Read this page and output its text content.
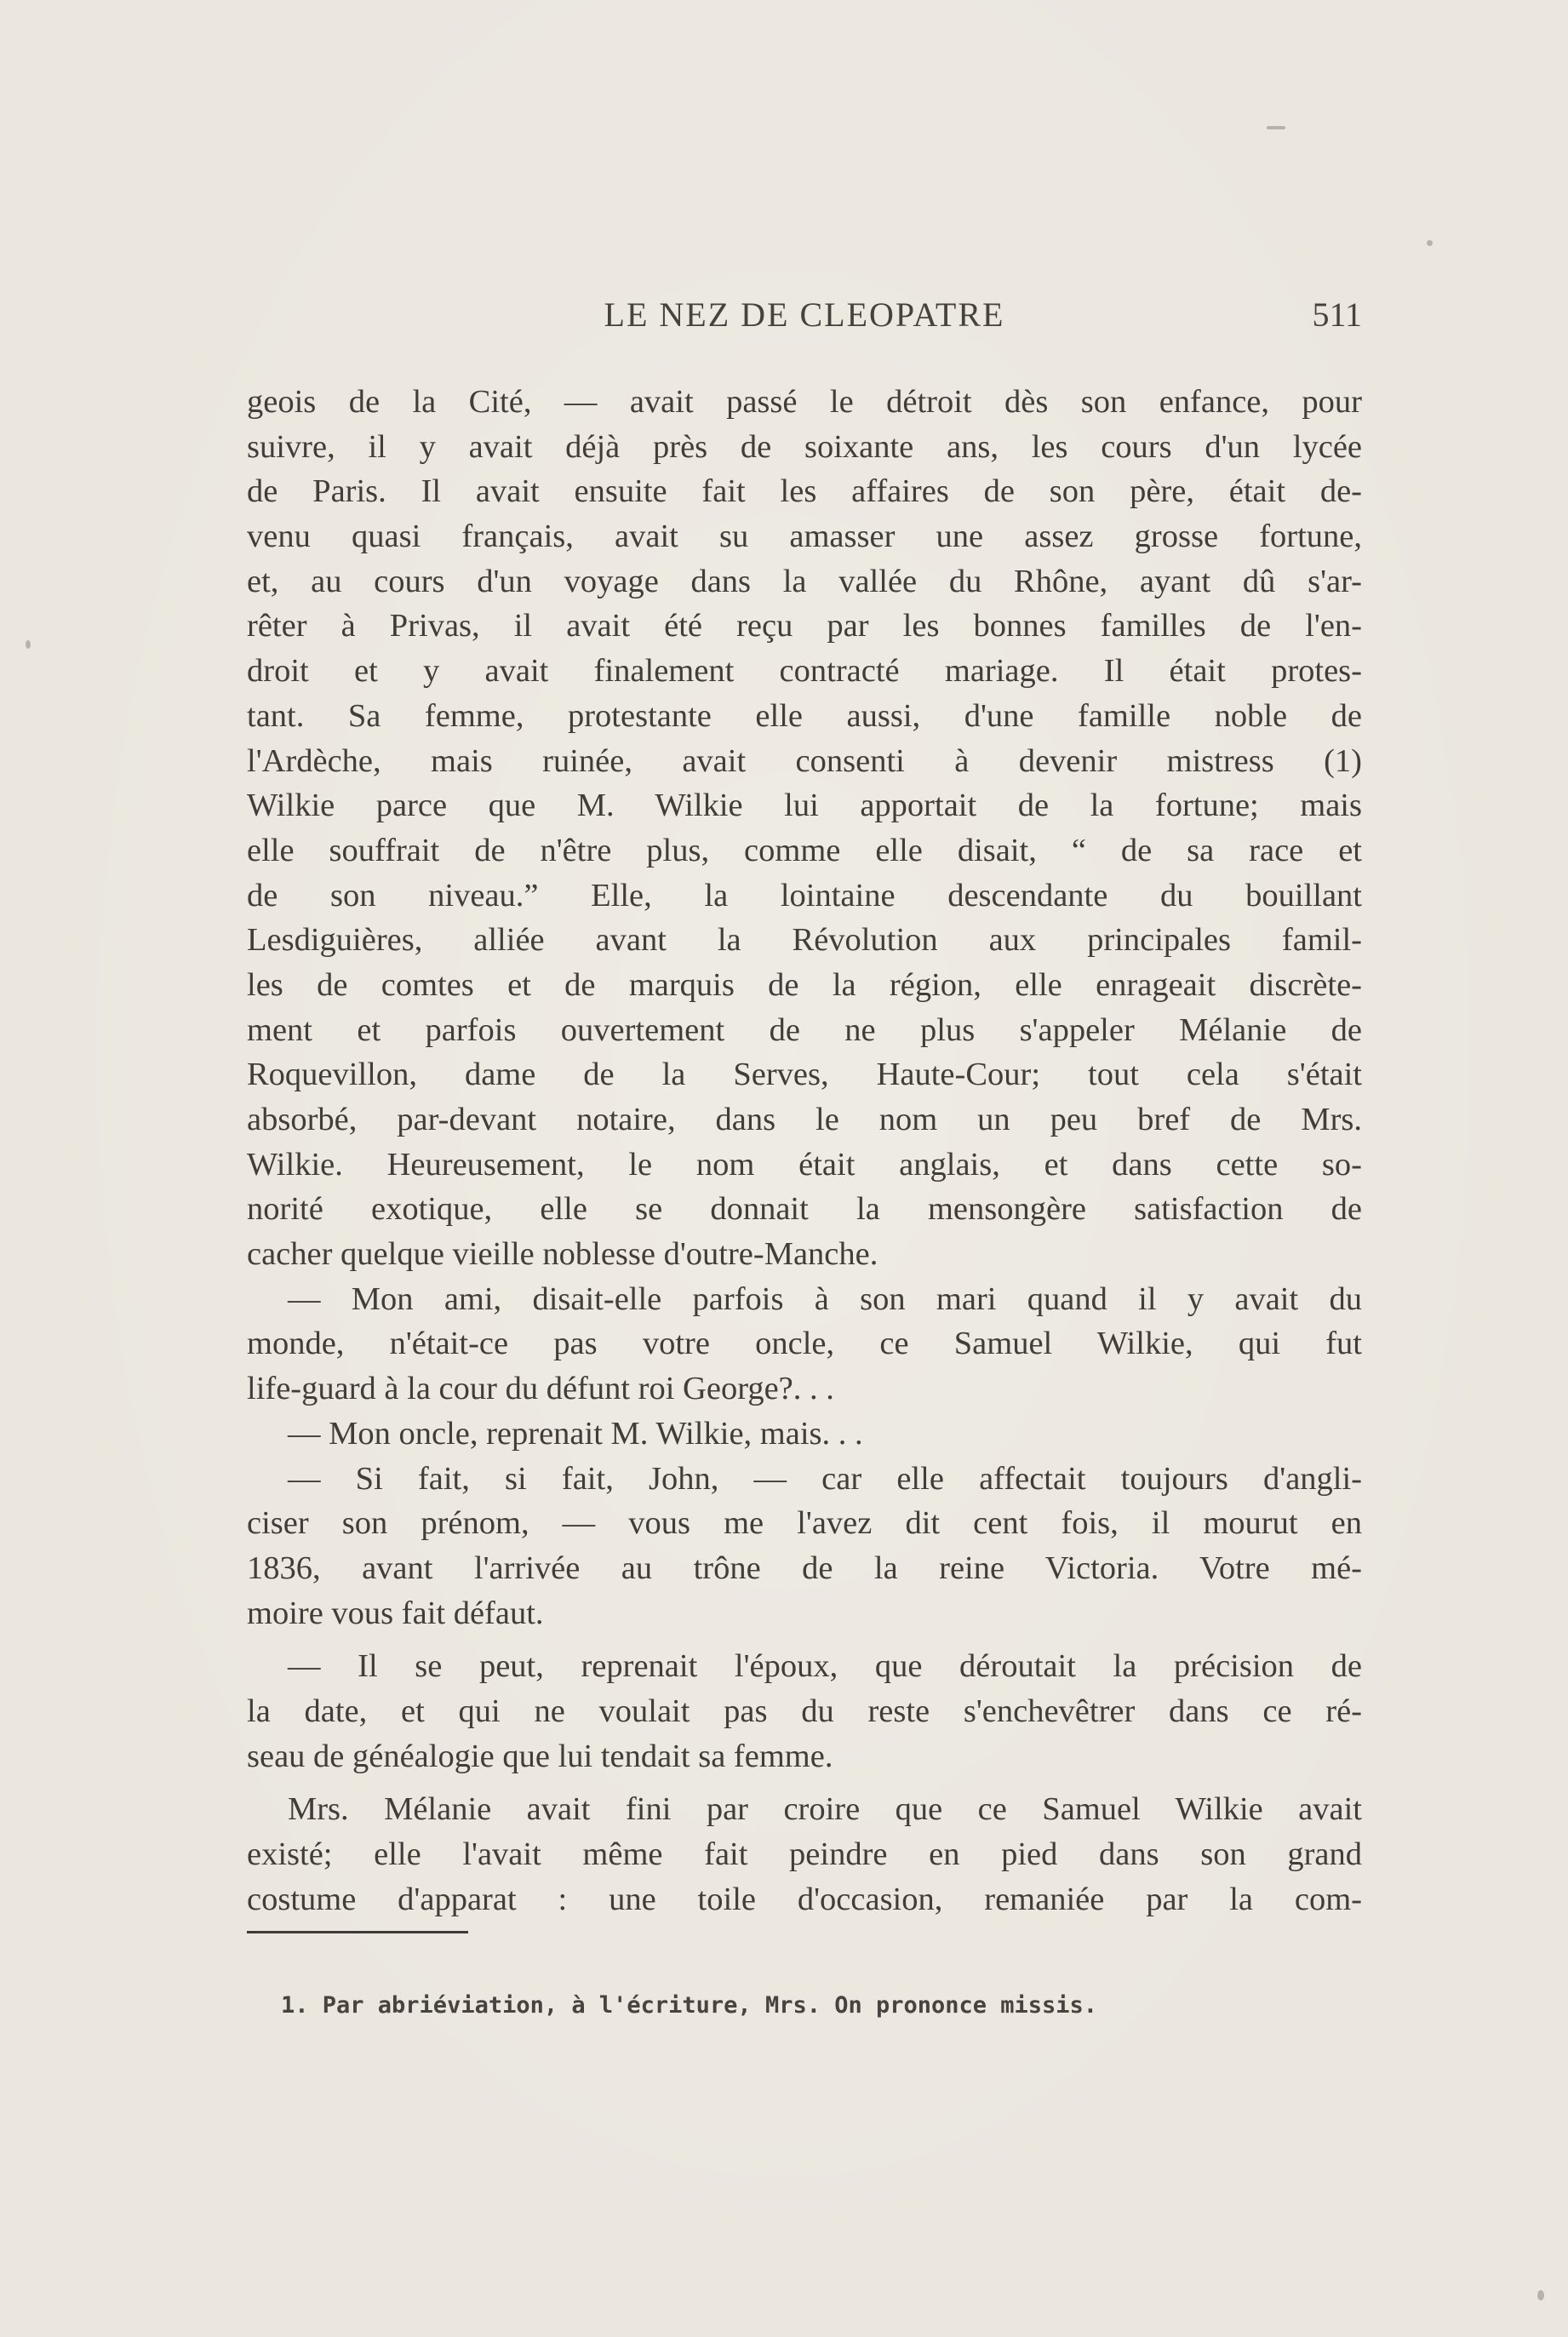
LE NEZ DE CLEOPATRE	511
geois de la Cité, — avait passé le détroit dès son enfance, pour
suivre, il y avait déjà près de soixante ans, les cours d'un lycée
de Paris. Il avait ensuite fait les affaires de son père, était de-
venu quasi français, avait su amasser une assez grosse fortune,
et, au cours d'un voyage dans la vallée du Rhône, ayant dû s'ar-
rêter à Privas, il avait été reçu par les bonnes familles de l'en-
droit et y avait finalement contracté mariage. Il était protes-
tant. Sa femme, protestante elle aussi, d'une famille noble de
l'Ardèche, mais ruinée, avait consenti à devenir mistress (1)
Wilkie parce que M. Wilkie lui apportait de la fortune; mais
elle souffrait de n'être plus, comme elle disait, “ de sa race et
de son niveau.” Elle, la lointaine descendante du bouillant
Lesdiguières, alliée avant la Révolution aux principales famil-
les de comtes et de marquis de la région, elle enrageait discrète-
ment et parfois ouvertement de ne plus s'appeler Mélanie de
Roquevillon, dame de la Serves, Haute-Cour; tout cela s'était
absorbé, par-devant notaire, dans le nom un peu bref de Mrs.
Wilkie. Heureusement, le nom était anglais, et dans cette so-
norité exotique, elle se donnait la mensongère satisfaction de
cacher quelque vieille noblesse d'outre-Manche.
— Mon ami, disait-elle parfois à son mari quand il y avait du
monde, n'était-ce pas votre oncle, ce Samuel Wilkie, qui fut
life-guard à la cour du défunt roi George?. . .
— Mon oncle, reprenait M. Wilkie, mais. . .
— Si fait, si fait, John, — car elle affectait toujours d'angli-
ciser son prénom, — vous me l'avez dit cent fois, il mourut en
1836, avant l'arrivée au trône de la reine Victoria. Votre mé-
moire vous fait défaut.
— Il se peut, reprenait l'époux, que déroutait la précision de
la date, et qui ne voulait pas du reste s'enchevêtrer dans ce ré-
seau de généalogie que lui tendait sa femme.
Mrs. Mélanie avait fini par croire que ce Samuel Wilkie avait
existé; elle l'avait même fait peindre en pied dans son grand
costume d'apparat : une toile d'occasion, remaniée par la com-
1. Par abriéviation, à l'écriture, Mrs. On prononce missis.
